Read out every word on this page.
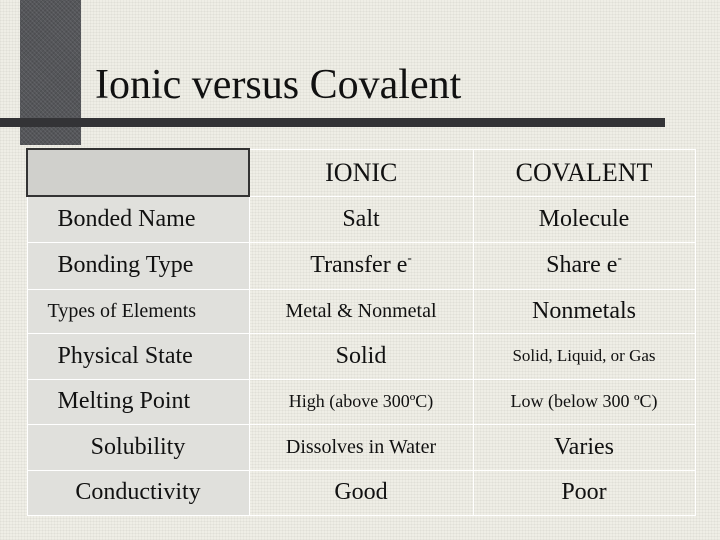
Ionic versus Covalent
	IONIC	COVALENT
Bonded Name	Salt	Molecule
Bonding Type	Transfer e-	Share e-
Types of Elements	Metal & Nonmetal	Nonmetals
Physical State	Solid	Solid, Liquid, or Gas
Melting Point	High (above 300ºC)	Low (below 300 ºC)
Solubility	Dissolves in Water	Varies
Conductivity	Good	Poor
